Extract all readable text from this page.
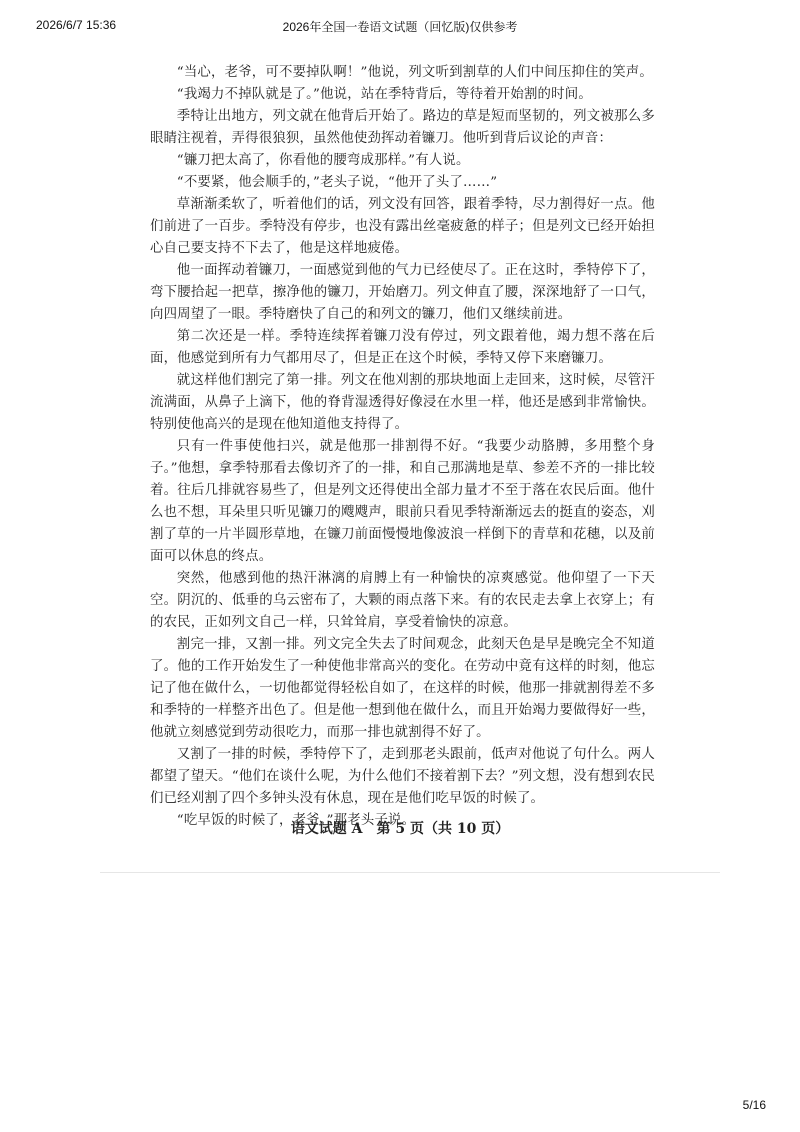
2026/6/7 15:36	2026年全国一卷语文试题（回忆版)仅供参考

“当心，老爷，可不要掉队啊！”他说，列文听到割草的人们中间压抑住的笑声。

“我竭力不掉队就是了。”他说，站在季特背后，等待着开始割的时间。

季特让出地方，列文就在他背后开始了。路边的草是短而坚韧的，列文被那么多眼睛注视着，弄得很狼狈，虽然他使劲挥动着镰刀。他听到背后议论的声音：

“镰刀把太高了，你看他的腰弯成那样。”有人说。

“不要紧，他会顺手的，”老头子说，“他开了头了……”

草渐渐柔软了，听着他们的话，列文没有回答，跟着季特，尽力割得好一点。他们前进了一百步。季特没有停步，也没有露出丝毫疲惫的样子；但是列文已经开始担心自己要支持不下去了，他是这样地疲倦。

他一面挥动着镰刀，一面感觉到他的气力已经使尽了。正在这时，季特停下了，弯下腰拾起一把草，擦净他的镰刀，开始磨刀。列文伸直了腰，深深地舒了一口气，向四周望了一眼。季特磨快了自己的和列文的镰刀，他们又继续前进。

第二次还是一样。季特连续挥着镰刀没有停过，列文跟着他，竭力想不落在后面，他感觉到所有力气都用尽了，但是正在这个时候，季特又停下来磨镰刀。

就这样他们割完了第一排。列文在他刈割的那块地面上走回来，这时候，尽管汗流满面，从鼻子上滴下，他的脊背湿透得好像浸在水里一样，他还是感到非常愉快。特别使他高兴的是现在他知道他支持得了。

只有一件事使他扫兴，就是他那一排割得不好。“我要少动胳膊，多用整个身子。”他想，拿季特那看去像切齐了的一排，和自己那满地是草、参差不齐的一排比较着。往后几排就容易些了，但是列文还得使出全部力量才不至于落在农民后面。他什么也不想，耳朵里只听见镰刀的飕飕声，眼前只看见季特渐渐远去的挺直的姿态，刈割了草的一片半圆形草地，在镰刀前面慢慢地像波浪一样倒下的青草和花穗，以及前面可以休息的终点。

突然，他感到他的热汗淋漓的肩膊上有一种愉快的凉爽感觉。他仰望了一下天空。阴沉的、低垂的乌云密布了，大颗的雨点落下来。有的农民走去拿上衣穿上；有的农民，正如列文自己一样，只耸耸肩，享受着愉快的凉意。

割完一排，又割一排。列文完全失去了时间观念，此刻天色是早是晚完全不知道了。他的工作开始发生了一种使他非常高兴的变化。在劳动中竟有这样的时刻，他忘记了他在做什么，一切他都觉得轻松自如了，在这样的时候，他那一排就割得差不多和季特的一样整齐出色了。但是他一想到他在做什么，而且开始竭力要做得好一些，他就立刻感觉到劳动很吃力，而那一排也就割得不好了。

又割了一排的时候，季特停下了，走到那老头跟前，低声对他说了句什么。两人都望了望天。“他们在谈什么呢，为什么他们不接着割下去？”列文想，没有想到农民们已经刈割了四个多钟头没有休息，现在是他们吃早饭的时候了。

“吃早饭的时候了，老爷。”那老头子说。

语文试题 A　第 5 页（共 10 页）
5/16
